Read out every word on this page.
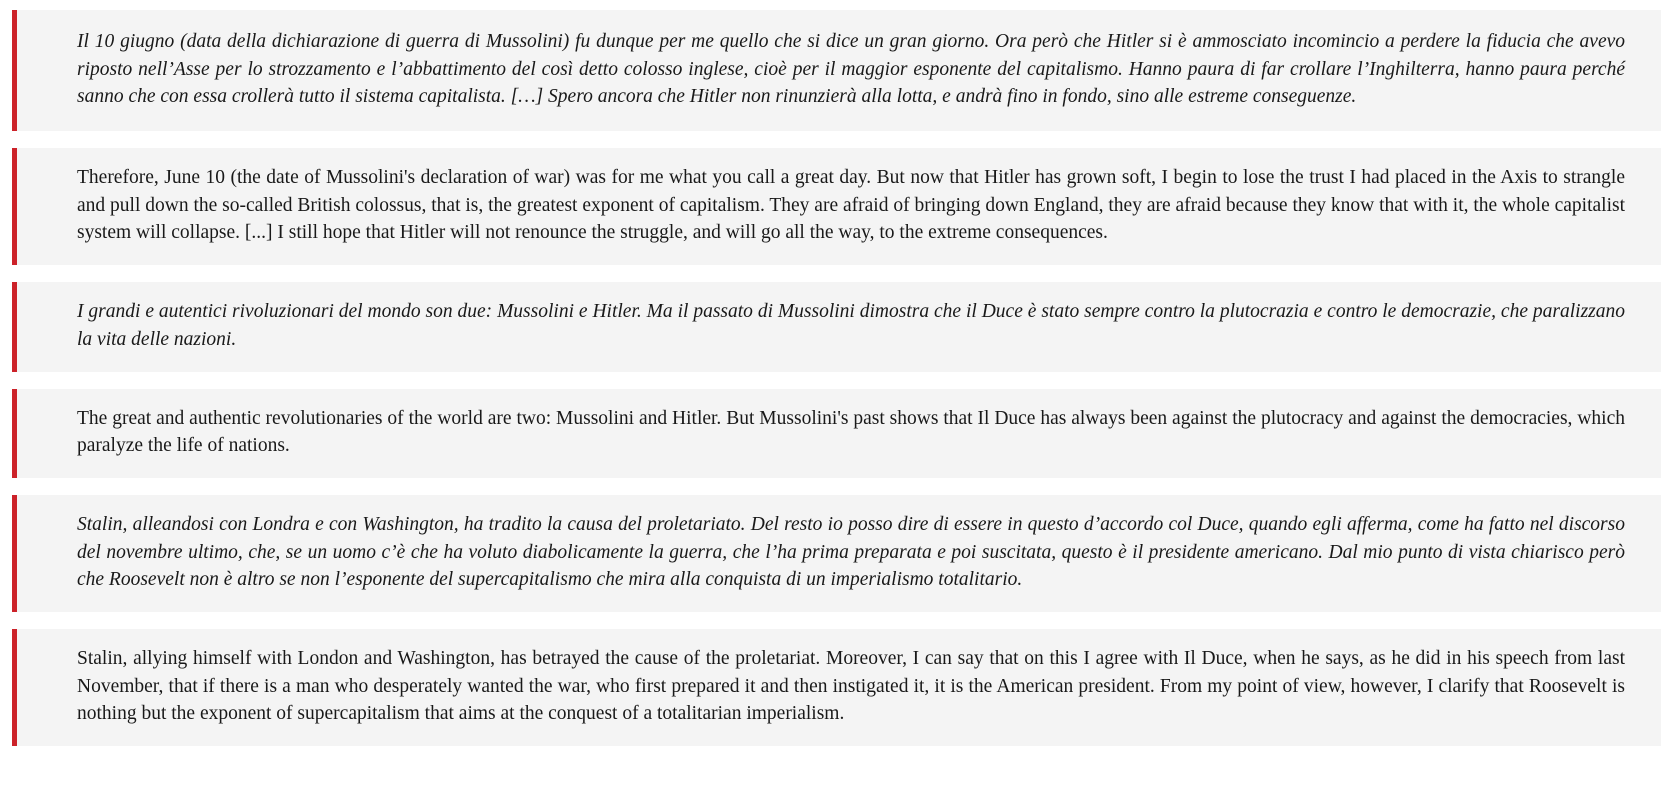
Il 10 giugno (data della dichiarazione di guerra di Mussolini) fu dunque per me quello che si dice un gran giorno. Ora però che Hitler si è ammosciato incomincio a perdere la fiducia che avevo riposto nell’Asse per lo strozzamento e l’abbattimento del così detto colosso inglese, cioè per il maggior esponente del capitalismo. Hanno paura di far crollare l’Inghilterra, hanno paura perché sanno che con essa crollerà tutto il sistema capitalista. […] Spero ancora che Hitler non rinunzierà alla lotta, e andrà fino in fondo, sino alle estreme conseguenze.

Therefore, June 10 (the date of Mussolini's declaration of war) was for me what you call a great day. But now that Hitler has grown soft, I begin to lose the trust I had placed in the Axis to strangle and pull down the so-called British colossus, that is, the greatest exponent of capitalism. They are afraid of bringing down England, they are afraid because they know that with it, the whole capitalist system will collapse. [...] I still hope that Hitler will not renounce the struggle, and will go all the way, to the extreme consequences.

I grandi e autentici rivoluzionari del mondo son due: Mussolini e Hitler. Ma il passato di Mussolini dimostra che il Duce è stato sempre contro la plutocrazia e contro le democrazie, che paralizzano la vita delle nazioni.

The great and authentic revolutionaries of the world are two: Mussolini and Hitler. But Mussolini's past shows that Il Duce has always been against the plutocracy and against the democracies, which paralyze the life of nations.

Stalin, alleandosi con Londra e con Washington, ha tradito la causa del proletariato. Del resto io posso dire di essere in questo d’accordo col Duce, quando egli afferma, come ha fatto nel discorso del novembre ultimo, che, se un uomo c’è che ha voluto diabolicamente la guerra, che l’ha prima preparata e poi suscitata, questo è il presidente americano. Dal mio punto di vista chiarisco però che Roosevelt non è altro se non l’esponente del supercapitalismo che mira alla conquista di un imperialismo totalitario.

Stalin, allying himself with London and Washington, has betrayed the cause of the proletariat. Moreover, I can say that on this I agree with Il Duce, when he says, as he did in his speech from last November, that if there is a man who desperately wanted the war, who first prepared it and then instigated it, it is the American president. From my point of view, however, I clarify that Roosevelt is nothing but the exponent of supercapitalism that aims at the conquest of a totalitarian imperialism.
